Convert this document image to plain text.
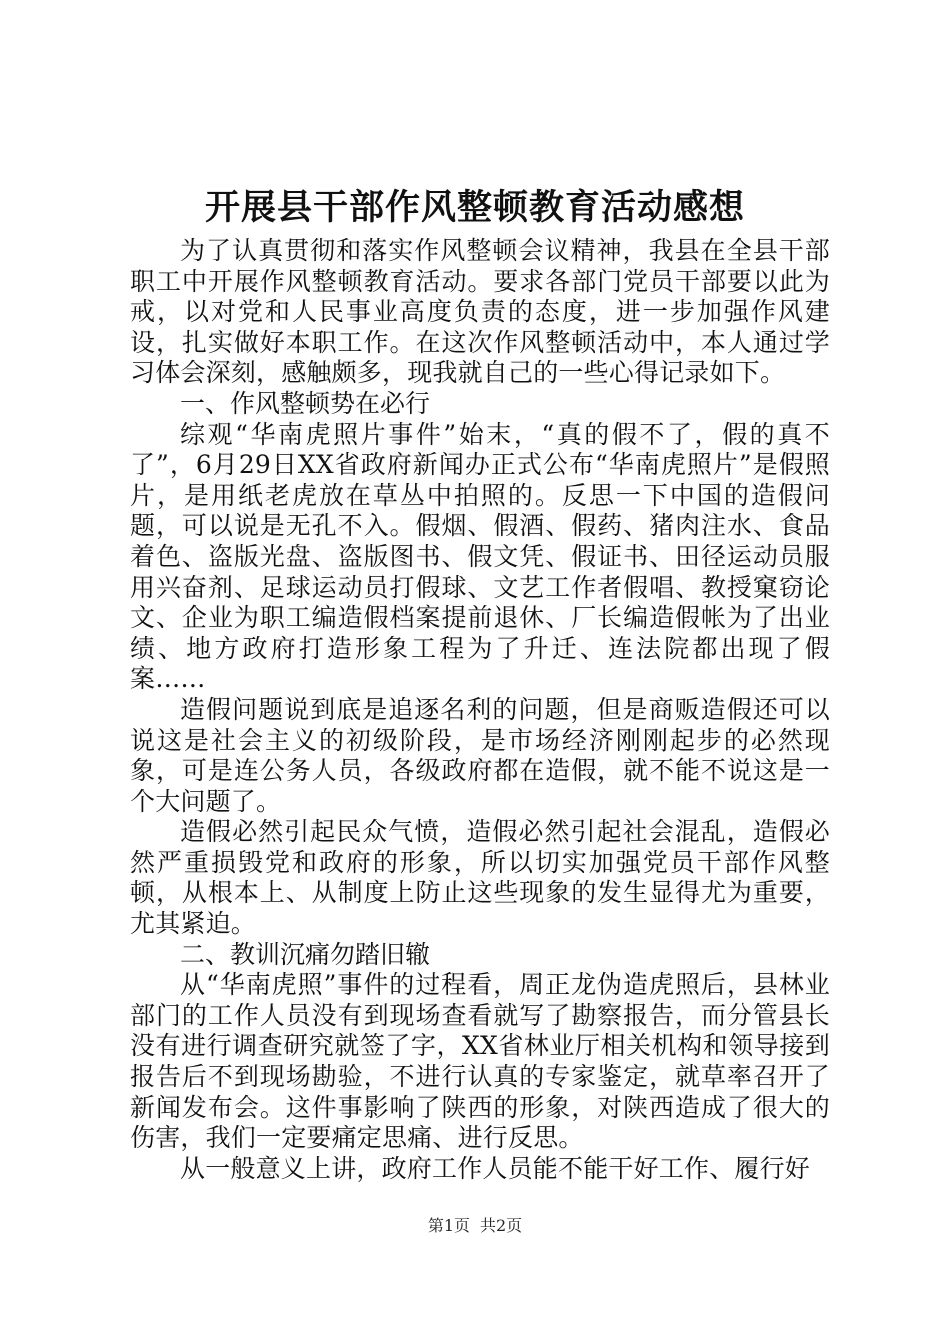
开展县干部作风整顿教育活动感想

为了认真贯彻和落实作风整顿会议精神，我县在全县干部职工中开展作风整顿教育活动。要求各部门党员干部要以此为戒，以对党和人民事业高度负责的态度，进一步加强作风建设，扎实做好本职工作。在这次作风整顿活动中，本人通过学习体会深刻，感触颇多，现我就自己的一些心得记录如下。

一、作风整顿势在必行

综观“华南虎照片事件”始末，“真的假不了，假的真不了”，6月29日XX省政府新闻办正式公布“华南虎照片”是假照片，是用纸老虎放在草丛中拍照的。反思一下中国的造假问题，可以说是无孔不入。假烟、假酒、假药、猪肉注水、食品着色、盗版光盘、盗版图书、假文凭、假证书、田径运动员服用兴奋剂、足球运动员打假球、文艺工作者假唱、教授窠窃论文、企业为职工编造假档案提前退休、厂长编造假帐为了出业绩、地方政府打造形象工程为了升迁、连法院都出现了假案……

造假问题说到底是追逐名利的问题，但是商贩造假还可以说这是社会主义的初级阶段，是市场经济刚刚起步的必然现象，可是连公务人员，各级政府都在造假，就不能不说这是一个大问题了。

造假必然引起民众气愤，造假必然引起社会混乱，造假必然严重损毁党和政府的形象，所以切实加强党员干部作风整顿，从根本上、从制度上防止这些现象的发生显得尤为重要，尤其紧迫。

二、教训沉痛勿踏旧辙

从“华南虎照”事件的过程看，周正龙伪造虎照后，县林业部门的工作人员没有到现场查看就写了勘察报告，而分管县长没有进行调查研究就签了字，XX省林业厅相关机构和领导接到报告后不到现场勘验，不进行认真的专家鉴定，就草率召开了新闻发布会。这件事影响了陕西的形象，对陕西造成了很大的伤害，我们一定要痛定思痛、进行反思。

从一般意义上讲，政府工作人员能不能干好工作、履行好

第1页 共2页
